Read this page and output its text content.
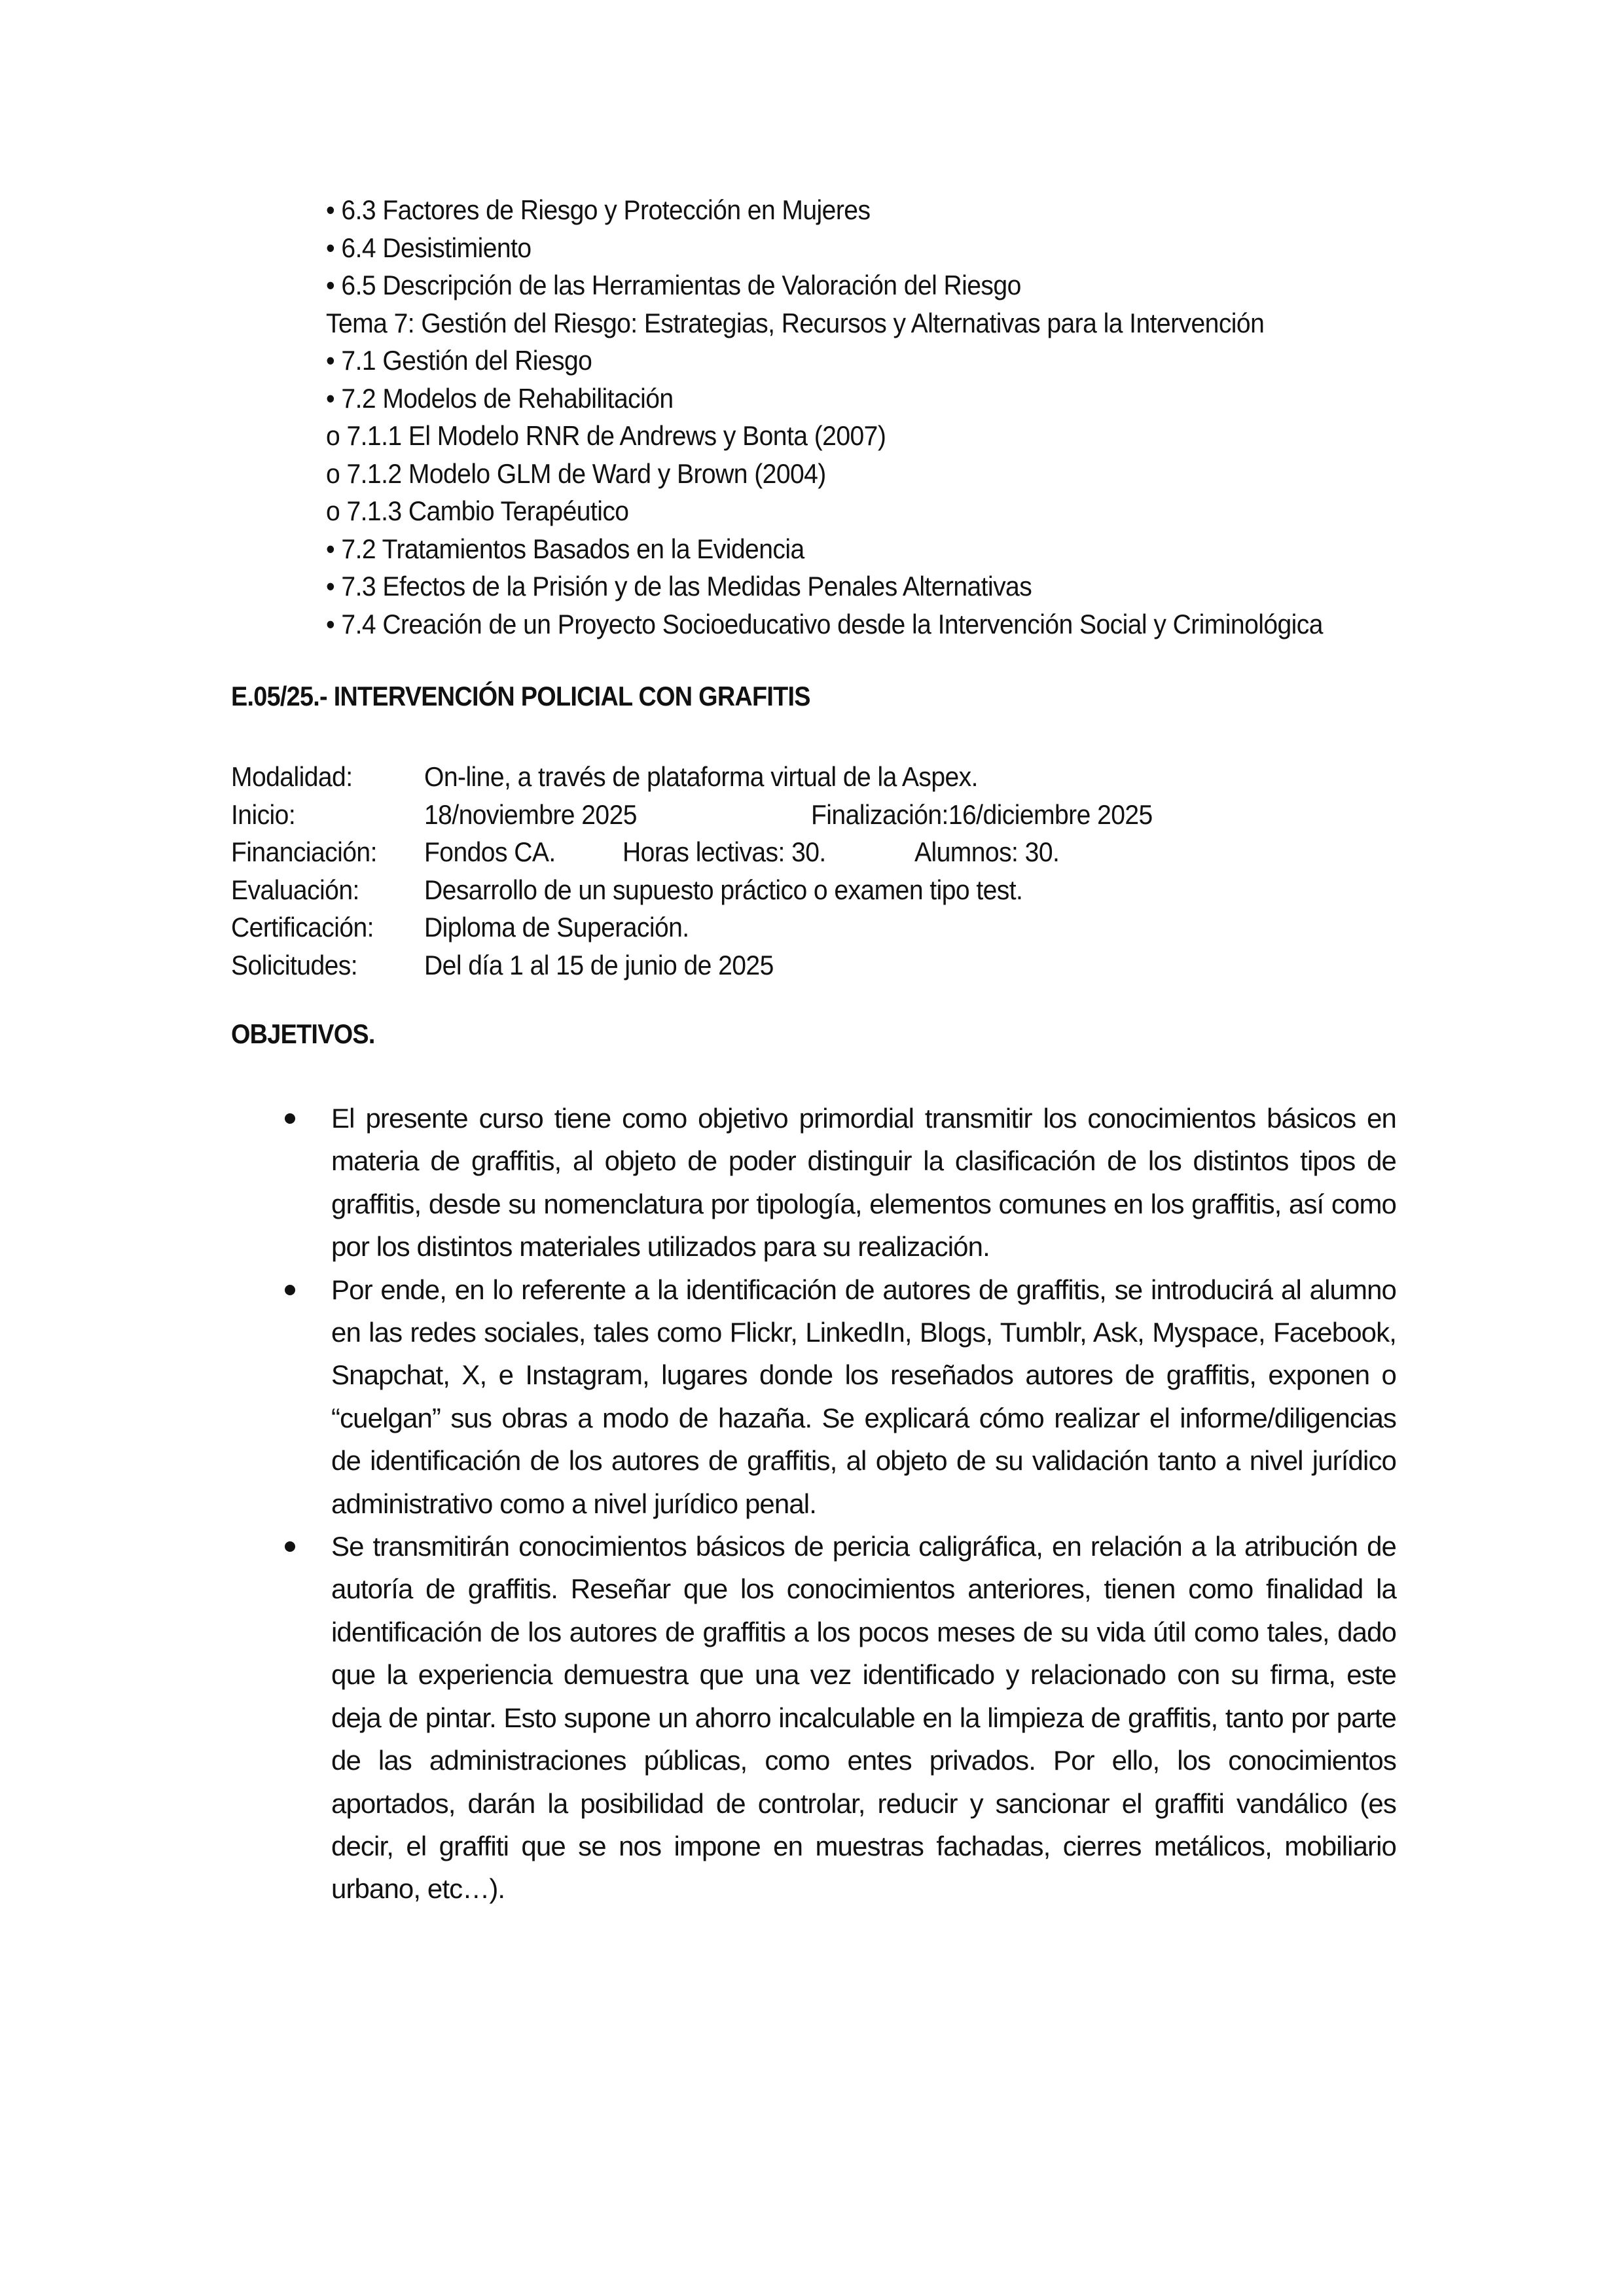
• 6.3 Factores de Riesgo y Protección en Mujeres
• 6.4 Desistimiento
• 6.5 Descripción de las Herramientas de Valoración del Riesgo
Tema 7: Gestión del Riesgo: Estrategias, Recursos y Alternativas para la Intervención
• 7.1 Gestión del Riesgo
• 7.2 Modelos de Rehabilitación
o 7.1.1 El Modelo RNR de Andrews y Bonta (2007)
o 7.1.2 Modelo GLM de Ward y Brown (2004)
o 7.1.3 Cambio Terapéutico
• 7.2 Tratamientos Basados en la Evidencia
• 7.3 Efectos de la Prisión y de las Medidas Penales Alternativas
• 7.4 Creación de un Proyecto Socioeducativo desde la Intervención Social y Criminológica
E.05/25.- INTERVENCIÓN POLICIAL CON GRAFITIS
Modalidad:	On-line, a través de plataforma virtual de la Aspex.
Inicio:	18/noviembre 2025	Finalización:16/diciembre 2025
Financiación: Fondos CA. Horas lectivas: 30.	Alumnos: 30.
Evaluación: Desarrollo de un supuesto práctico o examen tipo test.
Certificación: Diploma de Superación.
Solicitudes: Del día 1 al 15 de junio de 2025
OBJETIVOS.
El presente curso tiene como objetivo primordial transmitir los conocimientos básicos en materia de graffitis, al objeto de poder distinguir la clasificación de los distintos tipos de graffitis, desde su nomenclatura por tipología, elementos comunes en los graffitis, así como por los distintos materiales utilizados para su realización.
Por ende, en lo referente a la identificación de autores de graffitis, se introducirá al alumno en las redes sociales, tales como Flickr, LinkedIn, Blogs, Tumblr, Ask, Myspace, Facebook, Snapchat, X, e Instagram, lugares donde los reseñados autores de graffitis, exponen o “cuelgan” sus obras a modo de hazaña. Se explicará cómo realizar el informe/diligencias de identificación de los autores de graffitis, al objeto de su validación tanto a nivel jurídico administrativo como a nivel jurídico penal.
Se transmitirán conocimientos básicos de pericia caligráfica, en relación a la atribución de autoría de graffitis. Reseñar que los conocimientos anteriores, tienen como finalidad la identificación de los autores de graffitis a los pocos meses de su vida útil como tales, dado que la experiencia demuestra que una vez identificado y relacionado con su firma, este deja de pintar. Esto supone un ahorro incalculable en la limpieza de graffitis, tanto por parte de las administraciones públicas, como entes privados. Por ello, los conocimientos aportados, darán la posibilidad de controlar, reducir y sancionar el graffiti vandálico (es decir, el graffiti que se nos impone en muestras fachadas, cierres metálicos, mobiliario urbano, etc…).
